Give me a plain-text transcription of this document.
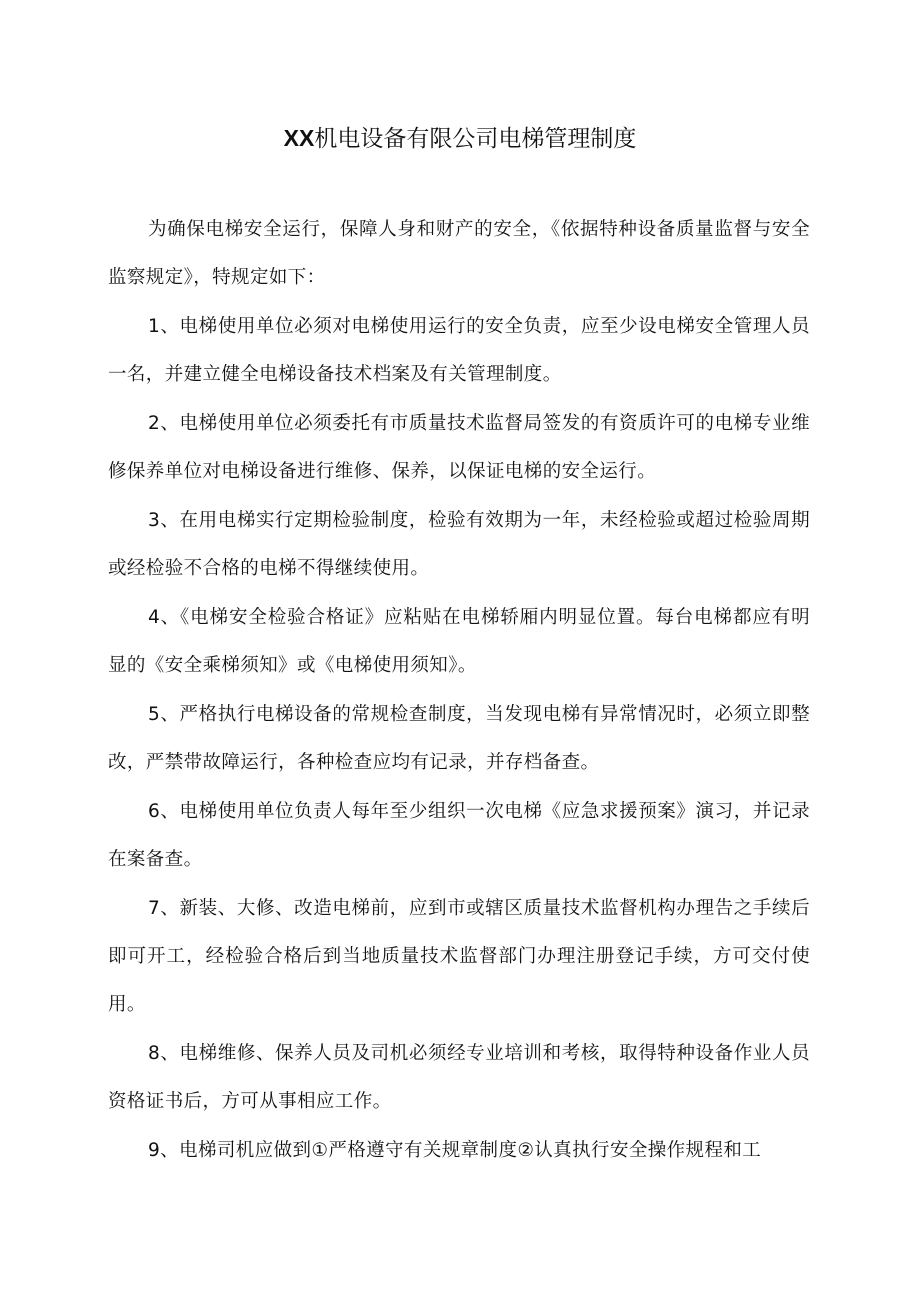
XX机电设备有限公司电梯管理制度

为确保电梯安全运行，保障人身和财产的安全，《依据特种设备质量监督与安全监察规定》，特规定如下：

1、电梯使用单位必须对电梯使用运行的安全负责，应至少设电梯安全管理人员一名，并建立健全电梯设备技术档案及有关管理制度。

2、电梯使用单位必须委托有市质量技术监督局签发的有资质许可的电梯专业维修保养单位对电梯设备进行维修、保养，以保证电梯的安全运行。

3、在用电梯实行定期检验制度，检验有效期为一年，未经检验或超过检验周期或经检验不合格的电梯不得继续使用。

4、《电梯安全检验合格证》应粘贴在电梯轿厢内明显位置。每台电梯都应有明显的《安全乘梯须知》或《电梯使用须知》。

5、严格执行电梯设备的常规检查制度，当发现电梯有异常情况时，必须立即整改，严禁带故障运行，各种检查应均有记录，并存档备查。

6、电梯使用单位负责人每年至少组织一次电梯《应急求援预案》演习，并记录在案备查。

7、新装、大修、改造电梯前，应到市或辖区质量技术监督机构办理告之手续后即可开工，经检验合格后到当地质量技术监督部门办理注册登记手续，方可交付使用。

8、电梯维修、保养人员及司机必须经专业培训和考核，取得特种设备作业人员资格证书后，方可从事相应工作。

9、电梯司机应做到①严格遵守有关规章制度②认真执行安全操作规程和工
